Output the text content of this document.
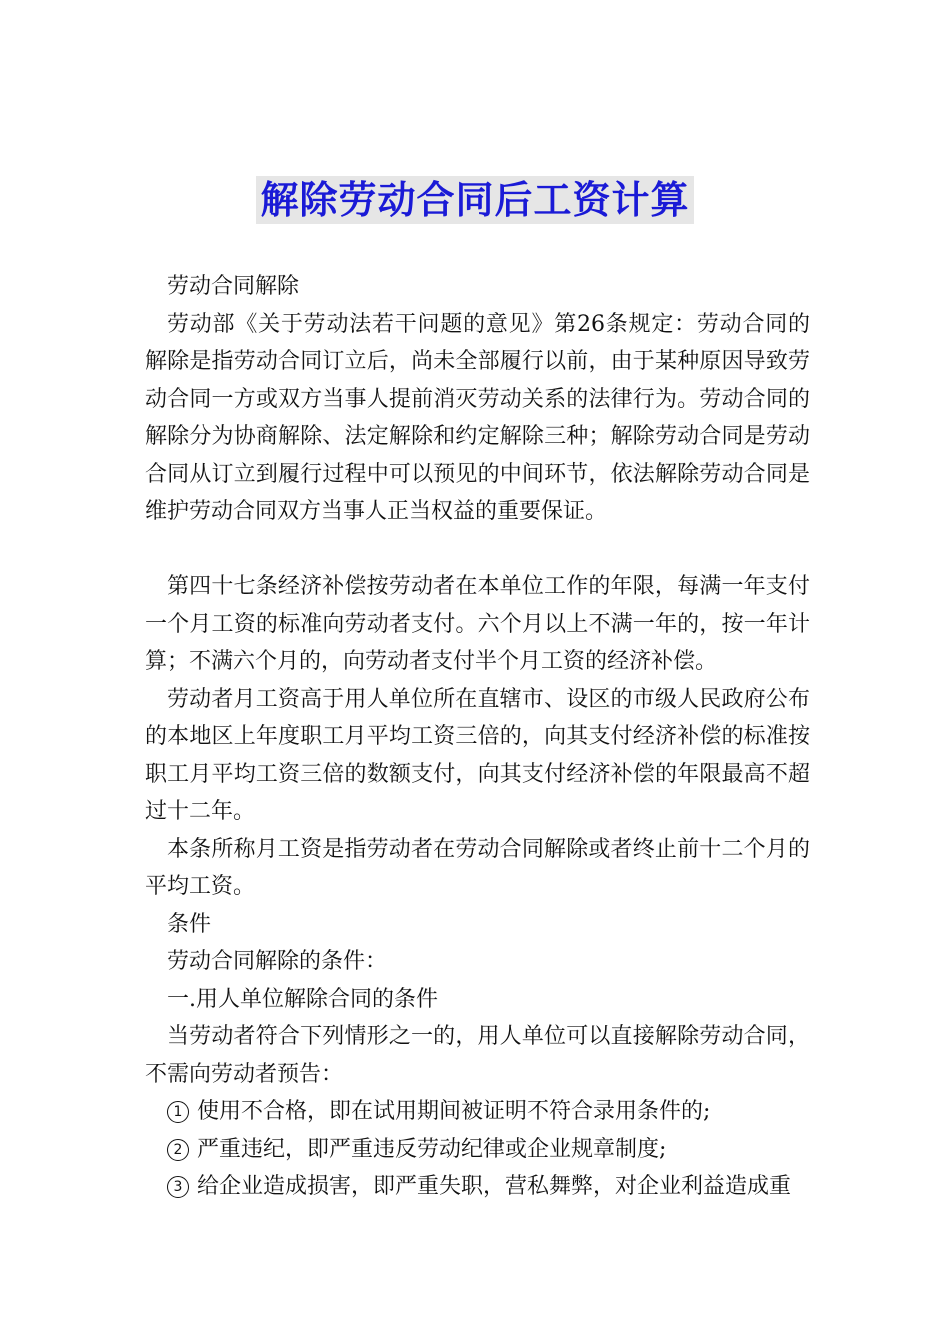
解除劳动合同后工资计算

劳动合同解除

劳动部《关于劳动法若干问题的意见》第26条规定：劳动合同的解除是指劳动合同订立后，尚未全部履行以前，由于某种原因导致劳动合同一方或双方当事人提前消灭劳动关系的法律行为。劳动合同的解除分为协商解除、法定解除和约定解除三种；解除劳动合同是劳动合同从订立到履行过程中可以预见的中间环节，依法解除劳动合同是维护劳动合同双方当事人正当权益的重要保证。

第四十七条经济补偿按劳动者在本单位工作的年限，每满一年支付一个月工资的标准向劳动者支付。六个月以上不满一年的，按一年计算；不满六个月的，向劳动者支付半个月工资的经济补偿。

劳动者月工资高于用人单位所在直辖市、设区的市级人民政府公布的本地区上年度职工月平均工资三倍的，向其支付经济补偿的标准按职工月平均工资三倍的数额支付，向其支付经济补偿的年限最高不超过十二年。

本条所称月工资是指劳动者在劳动合同解除或者终止前十二个月的平均工资。

条件

劳动合同解除的条件：

一.用人单位解除合同的条件

当劳动者符合下列情形之一的，用人单位可以直接解除劳动合同，不需向劳动者预告：

1 使用不合格，即在试用期间被证明不符合录用条件的;

2 严重违纪，即严重违反劳动纪律或企业规章制度;

3 给企业造成损害，即严重失职，营私舞弊，对企业利益造成重
